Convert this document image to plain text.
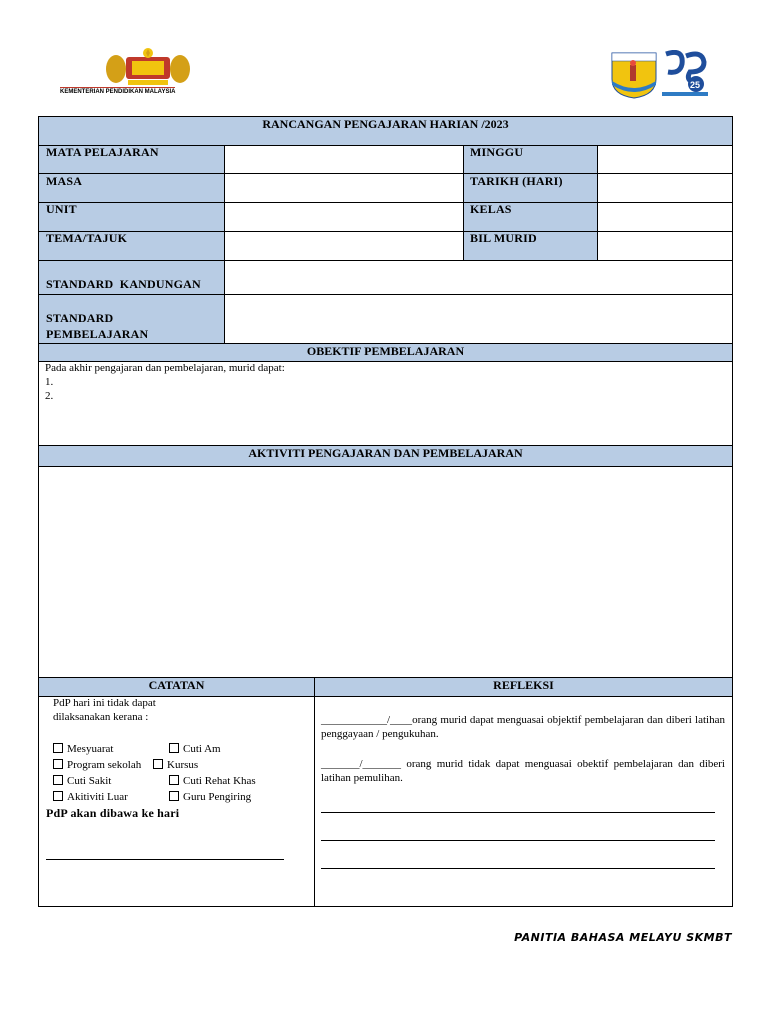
KEMENTERIAN PENDIDIKAN MALAYSIA
25
RANCANGAN PENGAJARAN HARIAN /2023
MATA PELAJARAN	MINGGU
MASA	TARIKH (HARI)
UNIT	KELAS
TEMA/TAJUK	BIL MURID
STANDARD  KANDUNGAN
STANDARD
PEMBELAJARAN
OBEKTIF PEMBELAJARAN
Pada akhir pengajaran dan pembelajaran, murid dapat:
1.
2.
AKTIVITI PENGAJARAN DAN PEMBELAJARAN
CATATAN	REFLEKSI
PdP hari ini tidak dapat
dilaksanakan kerana :
Mesyuarat	Cuti Am
Program sekolah	Kursus
Cuti Sakit	Cuti Rehat Khas
Akitiviti Luar	Guru Pengiring
PdP akan dibawa ke hari
____________/____orang murid dapat menguasai objektif pembelajaran dan diberi latihan penggayaan / pengukuhan.
_______/_______ orang murid tidak dapat menguasai obektif pembelajaran dan diberi latihan pemulihan.
PANITIA BAHASA MELAYU SKMBT
